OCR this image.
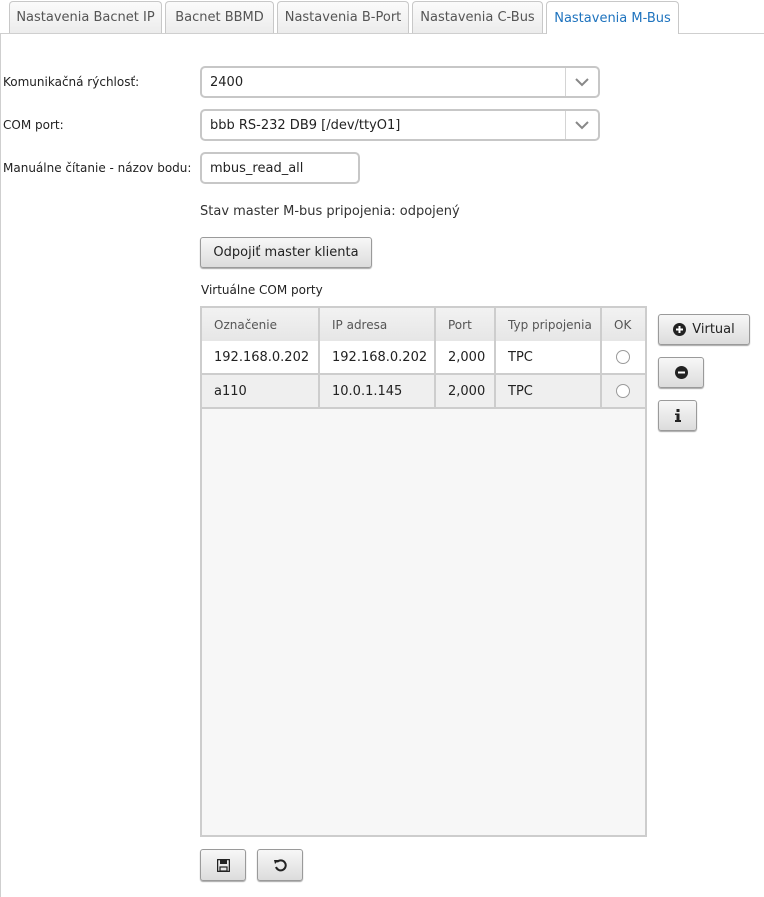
Nastavenia Bacnet IP	Bacnet BBMD	Nastavenia B-Port	Nastavenia C-Bus	Nastavenia M-Bus
Komunikačná rýchlosť:	2400
COM port:	bbb RS-232 DB9 [/dev/ttyO1]
Manuálne čítanie - názov bodu:
mbus_read_all
Stav master M-bus pripojenia: odpojený
Odpojiť master klienta
Virtuálne COM porty
Označenie	IP adresa	Port	Typ pripojenia	OK
192.168.0.202	192.168.0.202	2,000	TPC
a110	10.0.1.145	2,000	TPC
Virtual
